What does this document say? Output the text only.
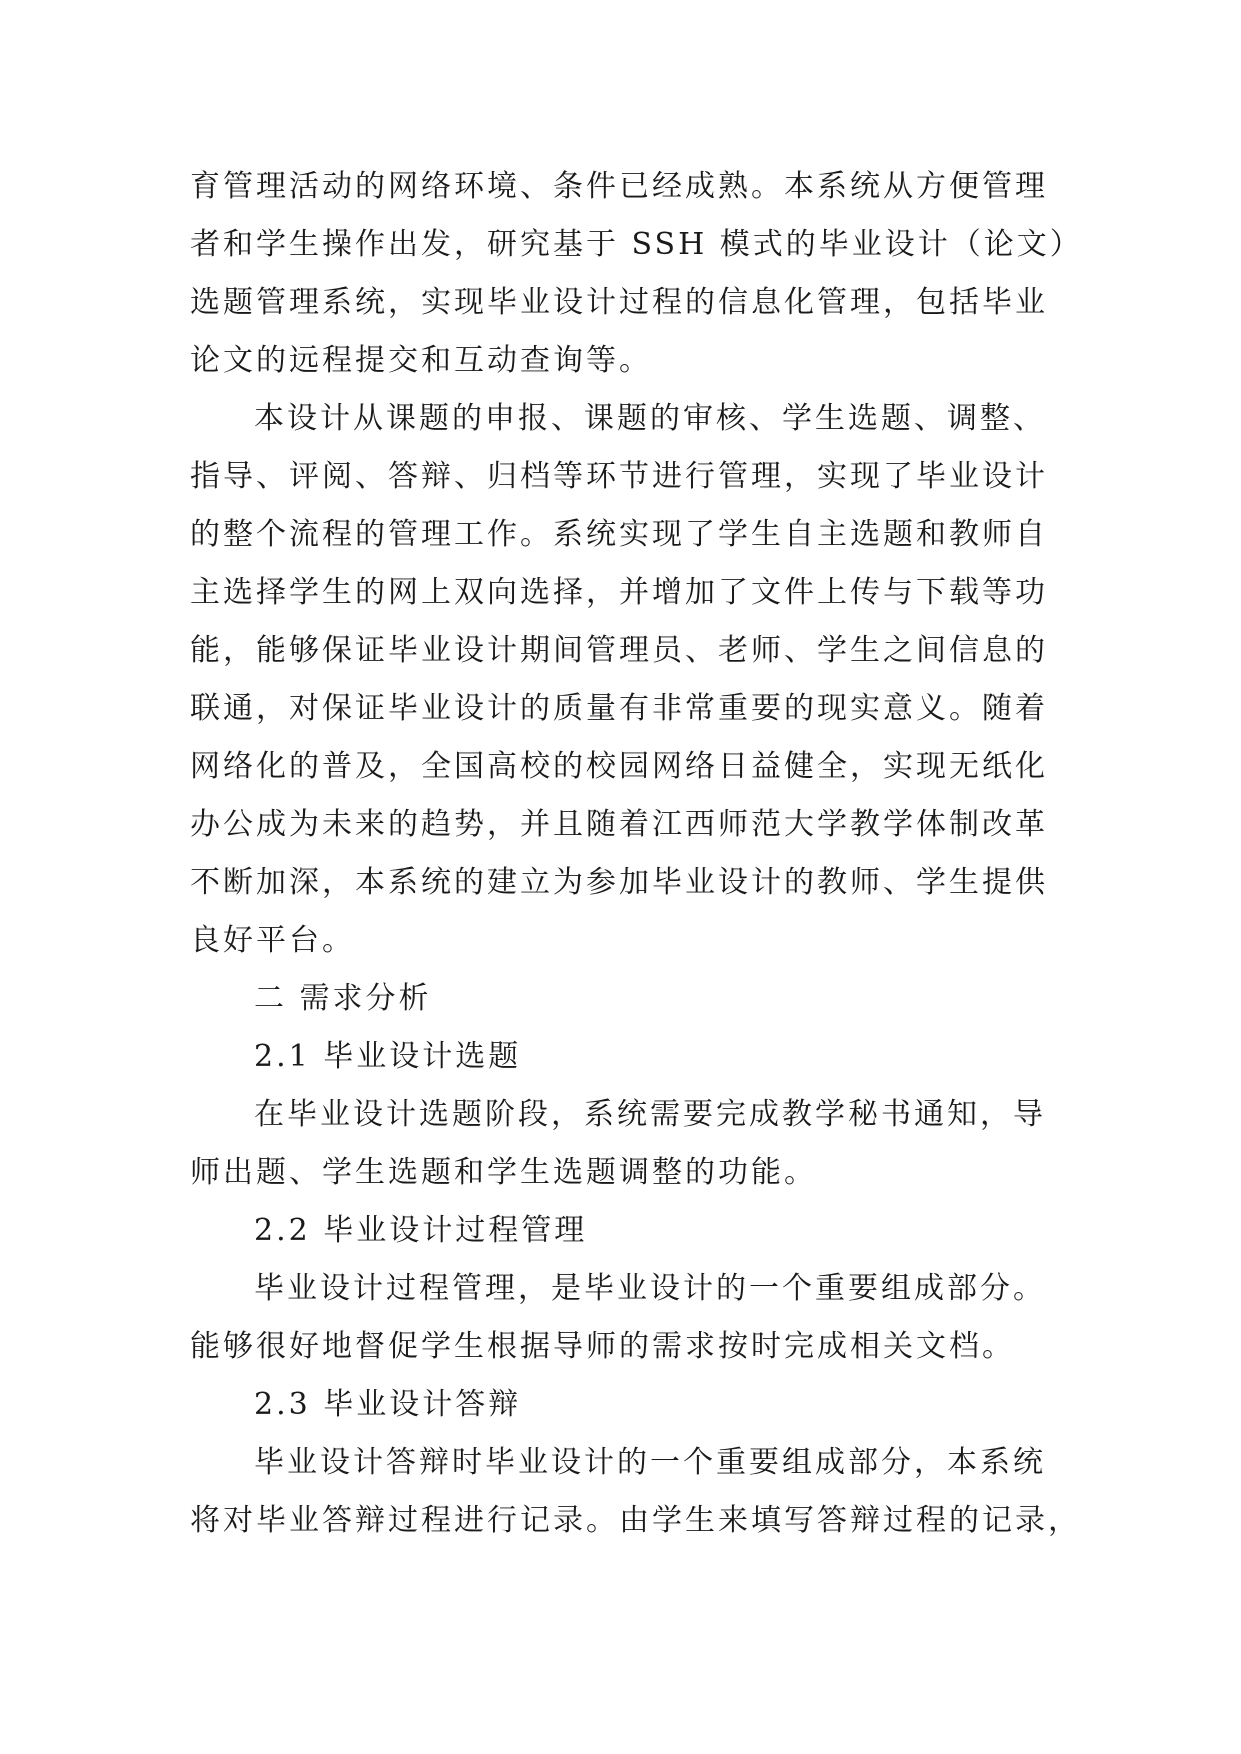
育管理活动的网络环境、条件已经成熟。本系统从方便管理
者和学生操作出发，研究基于 SSH 模式的毕业设计（论文）
选题管理系统，实现毕业设计过程的信息化管理，包括毕业
论文的远程提交和互动查询等。
本设计从课题的申报、课题的审核、学生选题、调整、
指导、评阅、答辩、归档等环节进行管理，实现了毕业设计
的整个流程的管理工作。系统实现了学生自主选题和教师自
主选择学生的网上双向选择，并增加了文件上传与下载等功
能，能够保证毕业设计期间管理员、老师、学生之间信息的
联通，对保证毕业设计的质量有非常重要的现实意义。随着
网络化的普及，全国高校的校园网络日益健全，实现无纸化
办公成为未来的趋势，并且随着江西师范大学教学体制改革
不断加深，本系统的建立为参加毕业设计的教师、学生提供
良好平台。
二 需求分析
2.1 毕业设计选题
在毕业设计选题阶段，系统需要完成教学秘书通知，导
师出题、学生选题和学生选题调整的功能。
2.2 毕业设计过程管理
毕业设计过程管理，是毕业设计的一个重要组成部分。
能够很好地督促学生根据导师的需求按时完成相关文档。
2.3 毕业设计答辩
毕业设计答辩时毕业设计的一个重要组成部分，本系统
将对毕业答辩过程进行记录。由学生来填写答辩过程的记录，
